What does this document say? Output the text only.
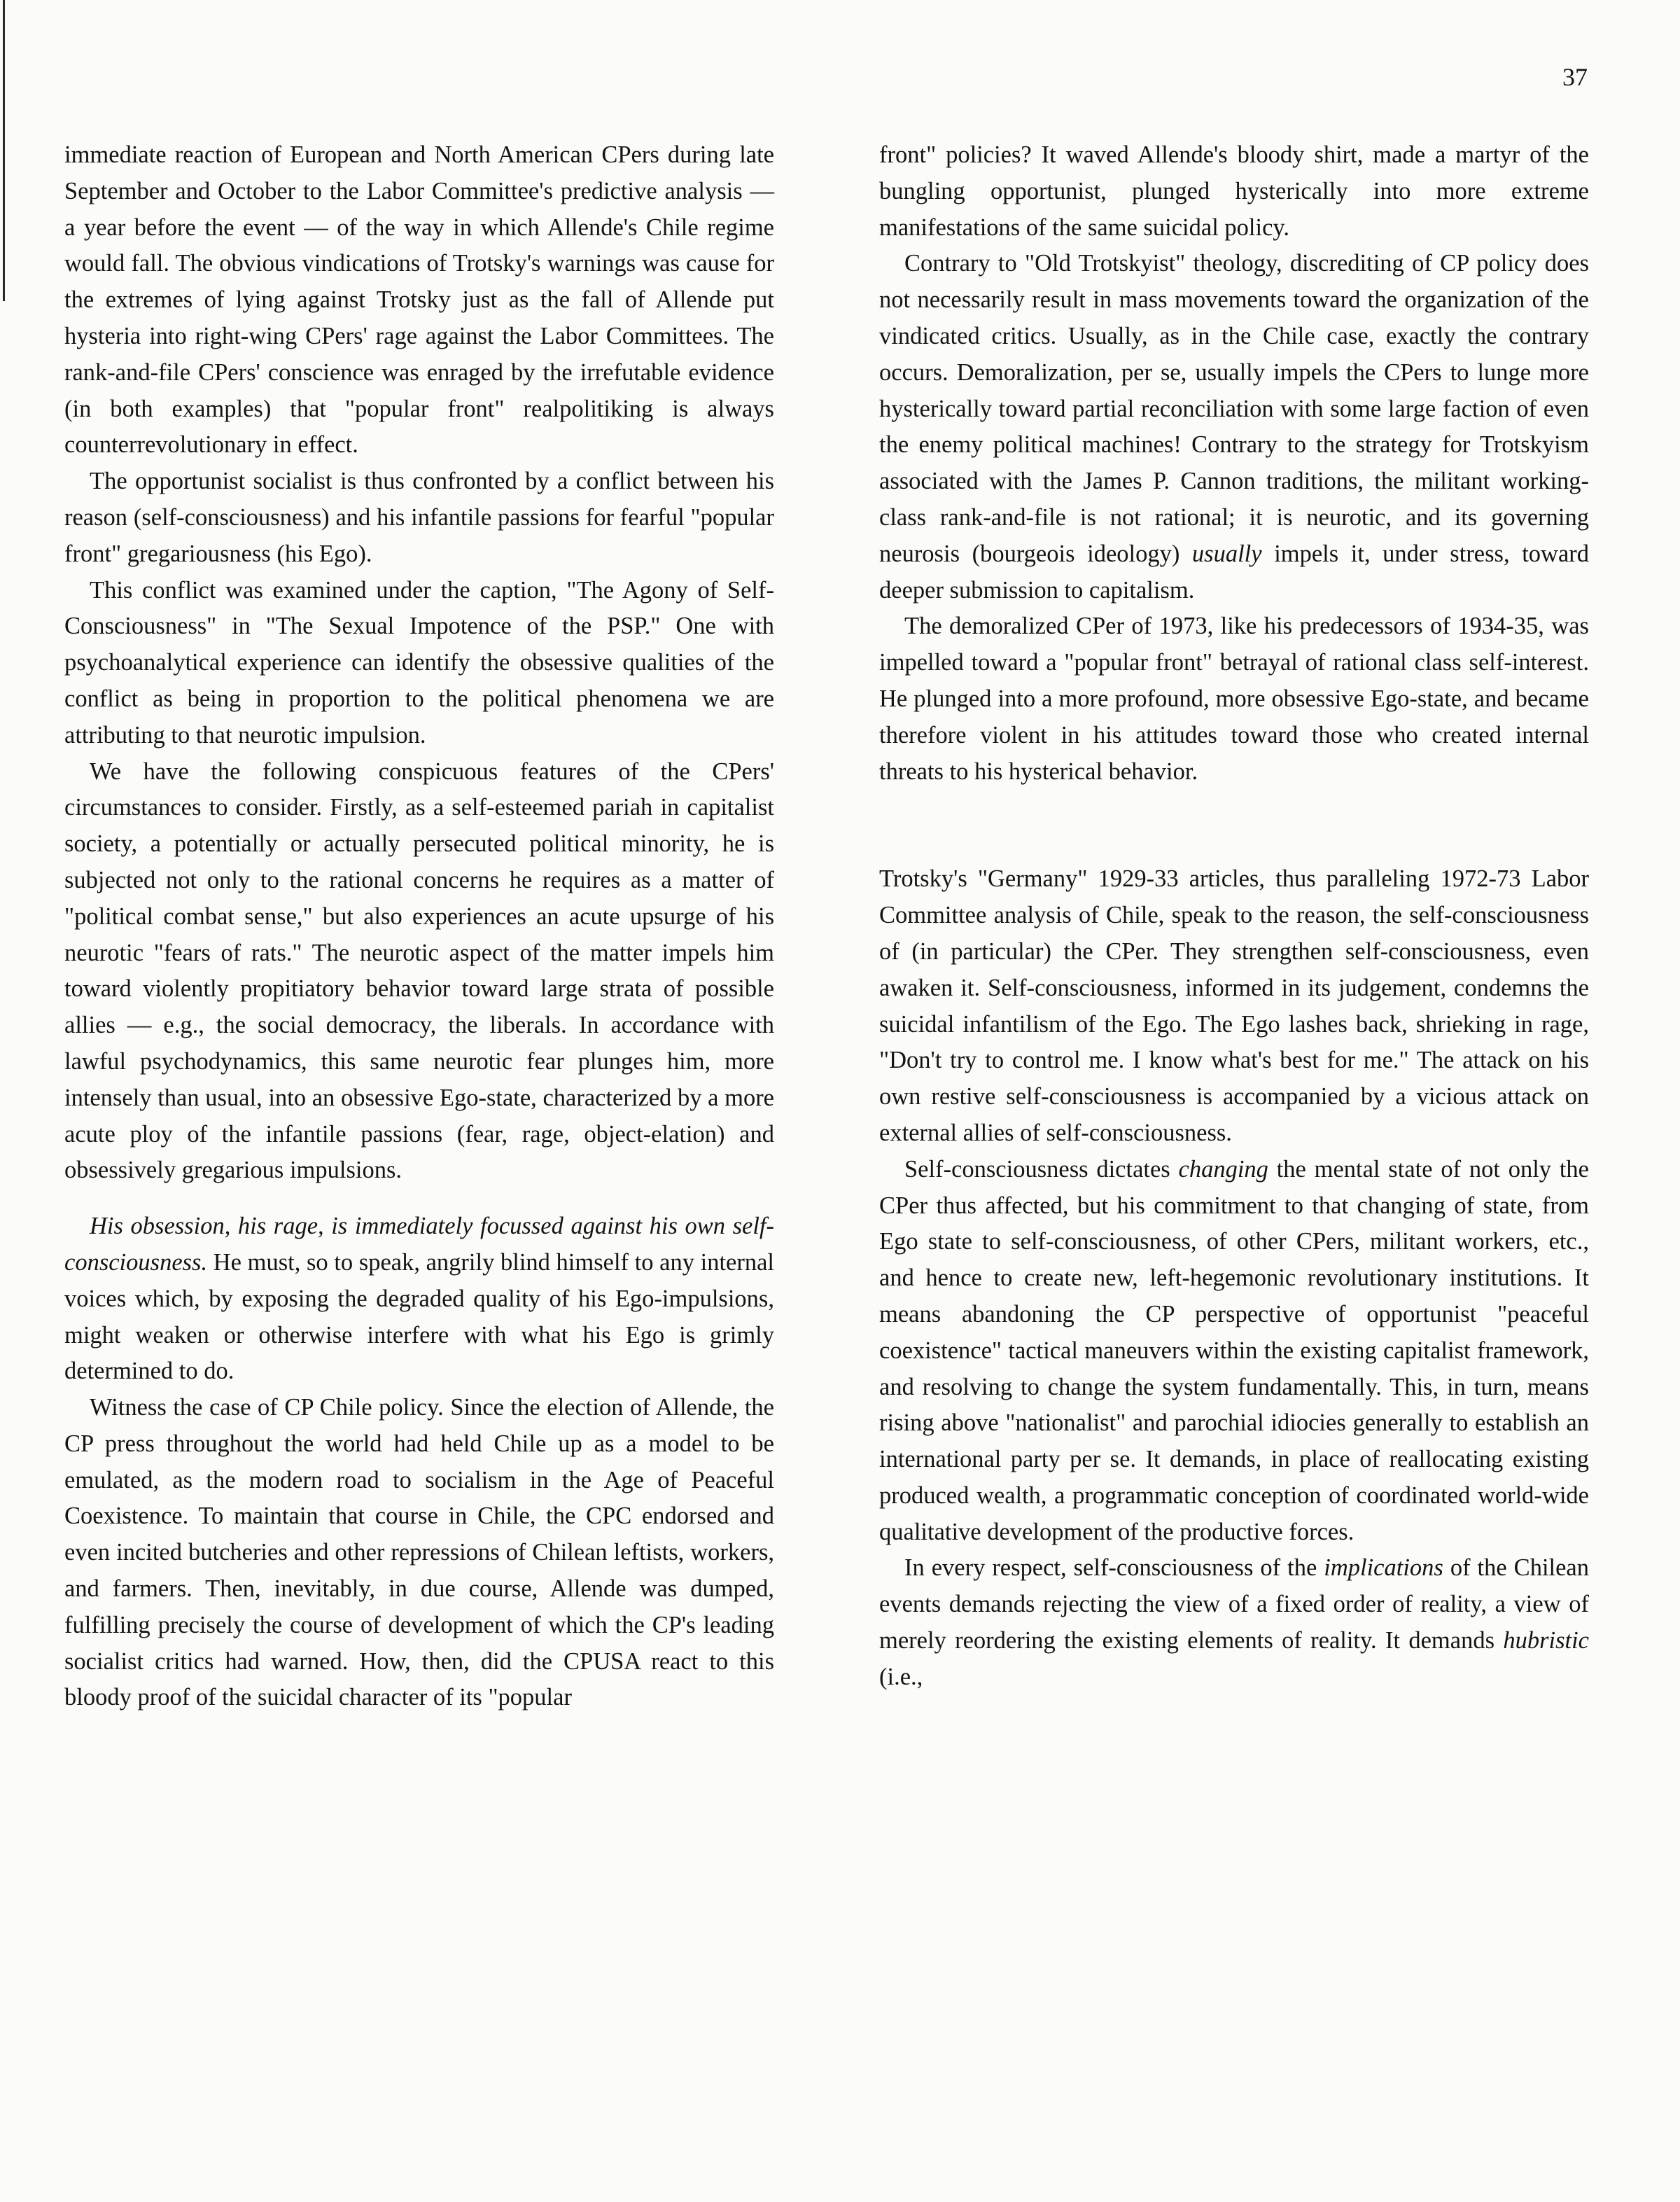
37

immediate reaction of European and North American CPers during late September and October to the Labor Committee's predictive analysis — a year before the event — of the way in which Allende's Chile regime would fall. The obvious vindications of Trotsky's warnings was cause for the extremes of lying against Trotsky just as the fall of Allende put hysteria into right-wing CPers' rage against the Labor Committees. The rank-and-file CPers' conscience was enraged by the irrefutable evidence (in both examples) that "popular front" realpolitiking is always counterrevolutionary in effect.

The opportunist socialist is thus confronted by a conflict between his reason (self-consciousness) and his infantile passions for fearful "popular front" gregariousness (his Ego).

This conflict was examined under the caption, "The Agony of Self-Consciousness" in "The Sexual Impotence of the PSP." One with psychoanalytical experience can identify the obsessive qualities of the conflict as being in proportion to the political phenomena we are attributing to that neurotic impulsion.

We have the following conspicuous features of the CPers' circumstances to consider. Firstly, as a self-esteemed pariah in capitalist society, a potentially or actually persecuted political minority, he is subjected not only to the rational concerns he requires as a matter of "political combat sense," but also experiences an acute upsurge of his neurotic "fears of rats." The neurotic aspect of the matter impels him toward violently propitiatory behavior toward large strata of possible allies — e.g., the social democracy, the liberals. In accordance with lawful psychodynamics, this same neurotic fear plunges him, more intensely than usual, into an obsessive Ego-state, characterized by a more acute ploy of the infantile passions (fear, rage, object-elation) and obsessively gregarious impulsions.

His obsession, his rage, is immediately focussed against his own self-consciousness. He must, so to speak, angrily blind himself to any internal voices which, by exposing the degraded quality of his Ego-impulsions, might weaken or otherwise interfere with what his Ego is grimly determined to do.

Witness the case of CP Chile policy. Since the election of Allende, the CP press throughout the world had held Chile up as a model to be emulated, as the modern road to socialism in the Age of Peaceful Coexistence. To maintain that course in Chile, the CPC endorsed and even incited butcheries and other repressions of Chilean leftists, workers, and farmers. Then, inevitably, in due course, Allende was dumped, fulfilling precisely the course of development of which the CP's leading socialist critics had warned. How, then, did the CPUSA react to this bloody proof of the suicidal character of its "popular

front" policies? It waved Allende's bloody shirt, made a martyr of the bungling opportunist, plunged hysterically into more extreme manifestations of the same suicidal policy.

Contrary to "Old Trotskyist" theology, discrediting of CP policy does not necessarily result in mass movements toward the organization of the vindicated critics. Usually, as in the Chile case, exactly the contrary occurs. Demoralization, per se, usually impels the CPers to lunge more hysterically toward partial reconciliation with some large faction of even the enemy political machines! Contrary to the strategy for Trotskyism associated with the James P. Cannon traditions, the militant working-class rank-and-file is not rational; it is neurotic, and its governing neurosis (bourgeois ideology) usually impels it, under stress, toward deeper submission to capitalism.

The demoralized CPer of 1973, like his predecessors of 1934-35, was impelled toward a "popular front" betrayal of rational class self-interest. He plunged into a more profound, more obsessive Ego-state, and became therefore violent in his attitudes toward those who created internal threats to his hysterical behavior.

Trotsky's "Germany" 1929-33 articles, thus paralleling 1972-73 Labor Committee analysis of Chile, speak to the reason, the self-consciousness of (in particular) the CPer. They strengthen self-consciousness, even awaken it. Self-consciousness, informed in its judgement, condemns the suicidal infantilism of the Ego. The Ego lashes back, shrieking in rage, "Don't try to control me. I know what's best for me." The attack on his own restive self-consciousness is accompanied by a vicious attack on external allies of self-consciousness.

Self-consciousness dictates changing the mental state of not only the CPer thus affected, but his commitment to that changing of state, from Ego state to self-consciousness, of other CPers, militant workers, etc., and hence to create new, left-hegemonic revolutionary institutions. It means abandoning the CP perspective of opportunist "peaceful coexistence" tactical maneuvers within the existing capitalist framework, and resolving to change the system fundamentally. This, in turn, means rising above "nationalist" and parochial idiocies generally to establish an international party per se. It demands, in place of reallocating existing produced wealth, a programmatic conception of coordinated world-wide qualitative development of the productive forces.

In every respect, self-consciousness of the implications of the Chilean events demands rejecting the view of a fixed order of reality, a view of merely reordering the existing elements of reality. It demands hubristic (i.e.,
